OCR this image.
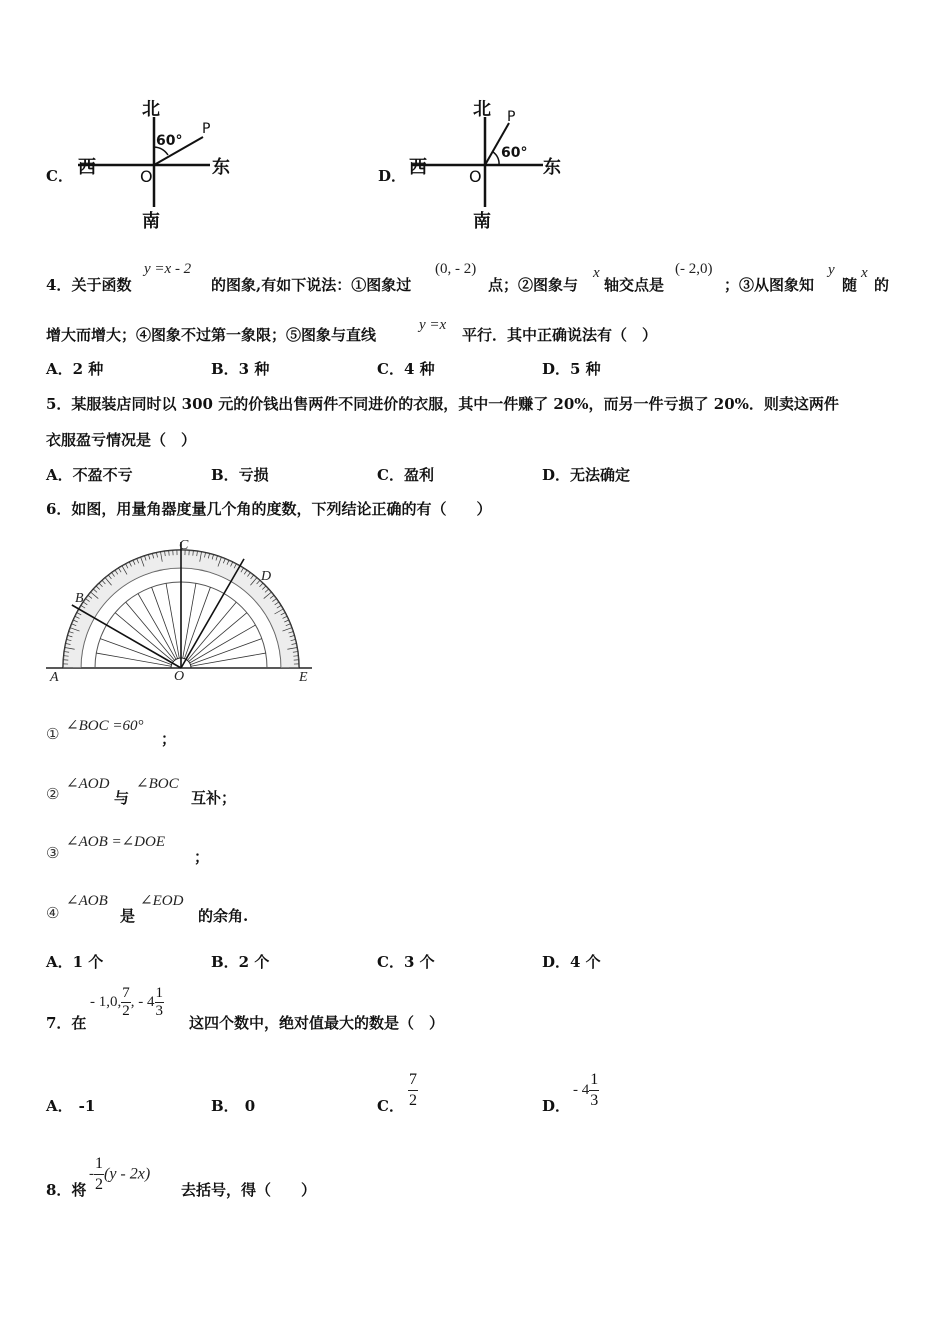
C．
北
南
西	东
O
P
60°
D．
北
南
西	东
O
P
60°
4．关于函数
y =x - 2
的图象,有如下说法：①图象过
(0, - 2)
点；②图象与
x
轴交点是
(- 2,0)
；③从图象知
y
随
x
的
增大而增大；④图象不过第一象限；⑤图象与直线
y =x
平行．其中正确说法有（　）
A．2 种	B．3 种	C．4 种	D．5 种
5．某服装店同时以 300 元的价钱出售两件不同进价的衣服，其中一件赚了 20%，而另一件亏损了 20%．则卖这两件
衣服盈亏情况是（　）
A．不盈不亏	B．亏损	C．盈利	D．无法确定
6．如图，用量角器度量几个角的度数，下列结论正确的有（　　）
A
B
C
D
E
O
① ∠BOC =60°
；
②
∠AOD
与
∠BOC
互补；
③
∠AOB =∠DOE
；
④
∠AOB
是
∠EOD
的余角.
A．1 个	B．2 个	C．3 个	D．4 个
7．在
- 1,0, $\frac{7}{2}$ , - $4 \frac{1}{3}$
这四个数中，绝对值最大的数是（　）
A． -1	B． 0	C． $\frac{7}{2}$	D．
- $4 \frac{1}{3}$
8．将
- $\frac{1}{2} (y - 2x)$
去括号，得（　　）
